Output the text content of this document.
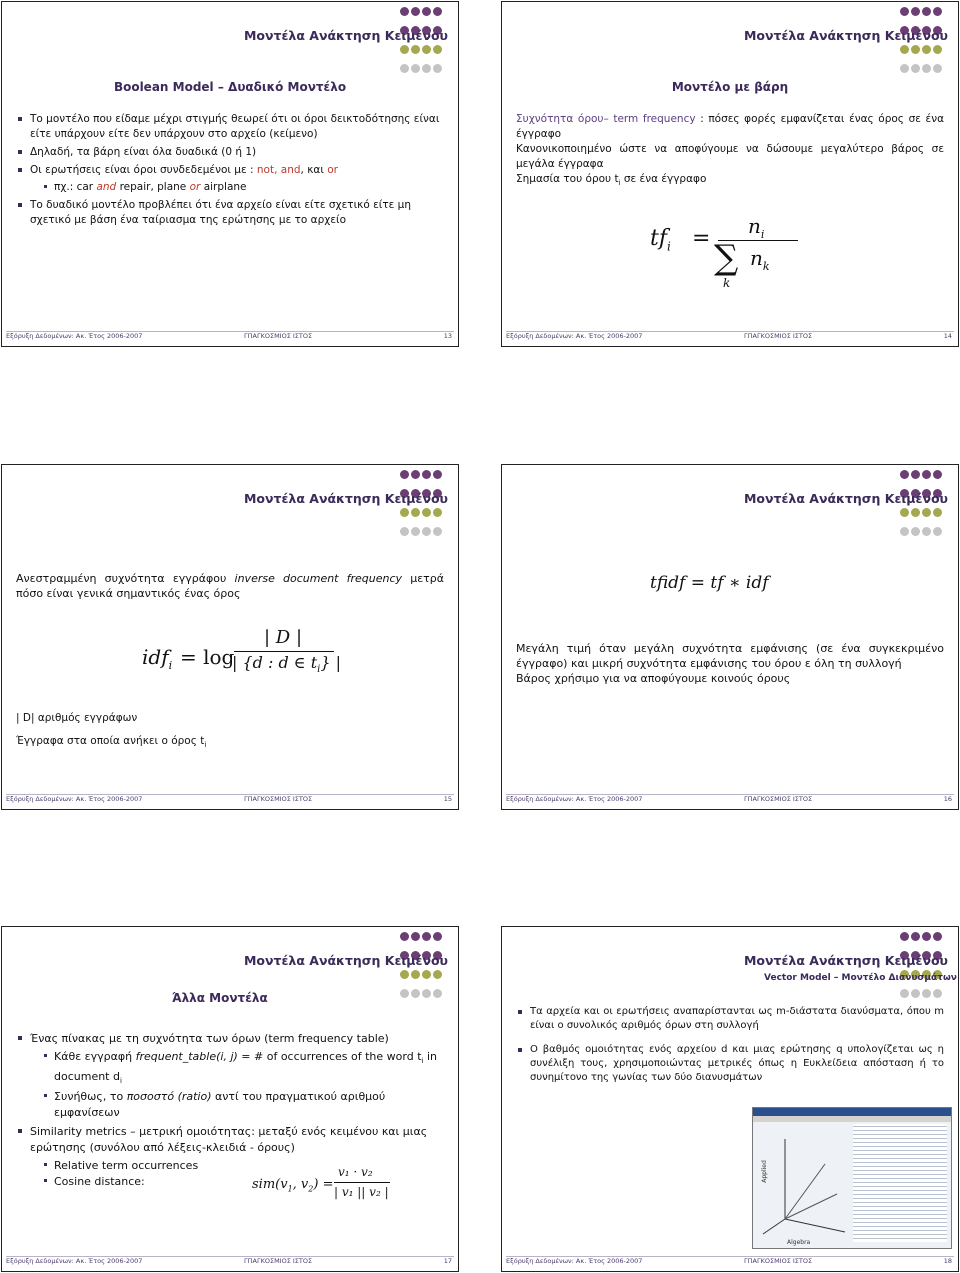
Μοντέλα Ανάκτηση Κειμένου
Boolean Model – Δυαδικό Μοντέλο
Το μοντέλο που είδαμε μέχρι στιγμής θεωρεί ότι οι όροι δεικτοδότησης είναι είτε υπάρχουν είτε δεν υπάρχουν στο αρχείο (κείμενο)
Δηλαδή, τα βάρη είναι όλα δυαδικά (0 ή 1)
Οι ερωτήσεις είναι όροι συνδεδεμένοι με : not, and, και or
πχ.: car and repair, plane or airplane
Το δυαδικό μοντέλο προβλέπει ότι ένα αρχείο είναι είτε σχετικό είτε μη σχετικό με βάση ένα ταίριασμα της ερώτησης με το αρχείο
Εξόρυξη Δεδομένων: Ακ. Έτος 2006-2007	ΓΠΑΓΚΟΣΜΙΟΣ ΙΣΤΟΣ	13

Μοντέλα Ανάκτηση Κειμένου
Μοντέλο με βάρη
Συχνότητα όρου– term frequency : πόσες φορές εμφανίζεται ένας όρος σε ένα έγγραφο
Κανονικοποιημένο ώστε να αποφύγουμε να δώσουμε μεγαλύτερο βάρος σε μεγάλα έγγραφα
Σημασία του όρου $t_i$ σε ένα έγγραφο
$tf_i = n_i$
∑ $n_k$
k
Εξόρυξη Δεδομένων: Ακ. Έτος 2006-2007	ΓΠΑΓΚΟΣΜΙΟΣ ΙΣΤΟΣ	14

Μοντέλα Ανάκτηση Κειμένου
Ανεστραμμένη συχνότητα εγγράφου inverse document frequency μετρά πόσο είναι γενικά σημαντικός ένας όρος
idf$_i$ = log
| D |
| {d : d ∈ $t_i$} |
| D| αριθμός εγγράφων
Έγγραφα στα οποία ανήκει ο όρος $t_i$
Εξόρυξη Δεδομένων: Ακ. Έτος 2006-2007	ΓΠΑΓΚΟΣΜΙΟΣ ΙΣΤΟΣ	15

Μοντέλα Ανάκτηση Κειμένου
tfidf = tf ∗ idf
Μεγάλη τιμή όταν μεγάλη συχνότητα εμφάνισης (σε ένα συγκεκριμένο έγγραφο) και μικρή συχνότητα εμφάνισης του όρου ε όλη τη συλλογή
Βάρος χρήσιμο για να αποφύγουμε κοινούς όρους
Εξόρυξη Δεδομένων: Ακ. Έτος 2006-2007	ΓΠΑΓΚΟΣΜΙΟΣ ΙΣΤΟΣ	16

Μοντέλα Ανάκτηση Κειμένου
Άλλα Μοντέλα
Ένας πίνακας με τη συχνότητα των όρων (term frequency table)
Κάθε εγγραφή frequent_table(i, j) = # of occurrences of the word $t_i$ in document $d_i$
Συνήθως, το ποσοστό (ratio) αντί του πραγματικού αριθμού εμφανίσεων
Similarity metrics – μετρική ομοιότητας: μεταξύ ενός κειμένου και μιας ερώτησης (συνόλου από λέξεις-κλειδιά - όρους)
Relative term occurrences
Cosine distance:	$sim(v_1$, $v_2$) =
v₁ · v₂
| v₁ || v₂ |
Εξόρυξη Δεδομένων: Ακ. Έτος 2006-2007	ΓΠΑΓΚΟΣΜΙΟΣ ΙΣΤΟΣ	17

Μοντέλα Ανάκτηση Κειμένου
Vector Model – Μοντέλο Διανυσμάτων
Τα αρχεία και οι ερωτήσεις αναπαρίστανται ως m-διάστατα διανύσματα, όπου m είναι ο συνολικός αριθμός όρων στη συλλογή
Ο βαθμός ομοιότητας ενός αρχείου d και μιας ερώτησης q υπολογίζεται ως η συνέλιξη τους, χρησιμοποιώντας μετρικές όπως η Ευκλείδεια απόσταση ή το συνημίτονο της γωνίας των δύο διανυσμάτων
Algebra
Applied
Εξόρυξη Δεδομένων: Ακ. Έτος 2006-2007	ΓΠΑΓΚΟΣΜΙΟΣ ΙΣΤΟΣ	18
